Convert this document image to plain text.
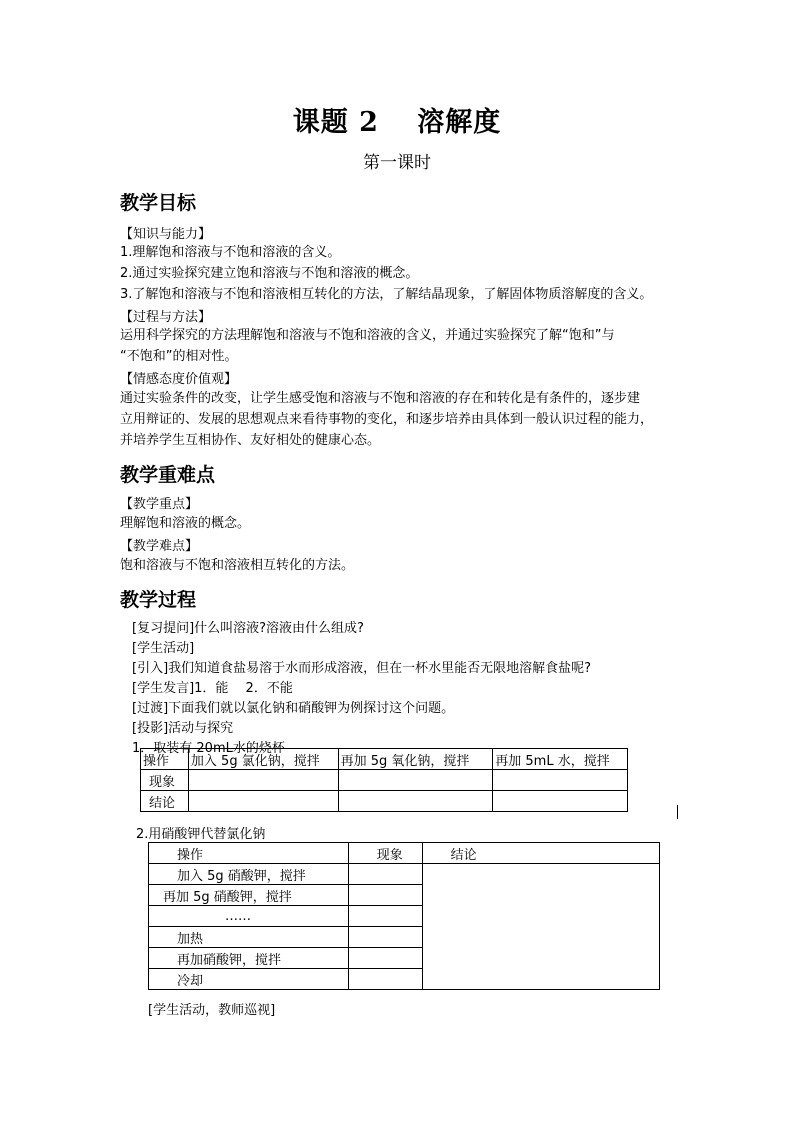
课题 2　 溶解度
第一课时
教学目标
【知识与能力】
1.理解饱和溶液与不饱和溶液的含义。
2.通过实验探究建立饱和溶液与不饱和溶液的概念。
3.了解饱和溶液与不饱和溶液相互转化的方法，了解结晶现象，了解固体物质溶解度的含义。
【过程与方法】
运用科学探究的方法理解饱和溶液与不饱和溶液的含义，并通过实验探究了解“饱和”与
“不饱和”的相对性。
【情感态度价值观】
通过实验条件的改变，让学生感受饱和溶液与不饱和溶液的存在和转化是有条件的，逐步建
立用辩证的、发展的思想观点来看待事物的变化，和逐步培养由具体到一般认识过程的能力，
并培养学生互相协作、友好相处的健康心态。
教学重难点
【教学重点】
理解饱和溶液的概念。
【教学难点】
饱和溶液与不饱和溶液相互转化的方法。
教学过程
[复习提问]什么叫溶液?溶液由什么组成?
[学生活动]
[引入]我们知道食盐易溶于水而形成溶液，但在一杯水里能否无限地溶解食盐呢?
[学生发言]1．能　 2．不能
[过渡]下面我们就以氯化钠和硝酸钾为例探讨这个问题。
[投影]活动与探究
1．取装有 20mL水的烧杯
操作	加入 5g 氯化钠，搅拌	再加 5g 氧化钠，搅拌	再加 5mL 水，搅拌
现象			
结论			
2.用硝酸钾代替氯化钠
操作	现象	结论
加入 5g 硝酸钾，搅拌		
再加 5g 硝酸钾，搅拌		
……		
加热		
再加硝酸钾，搅拌		
冷却		
[学生活动，教师巡视]
